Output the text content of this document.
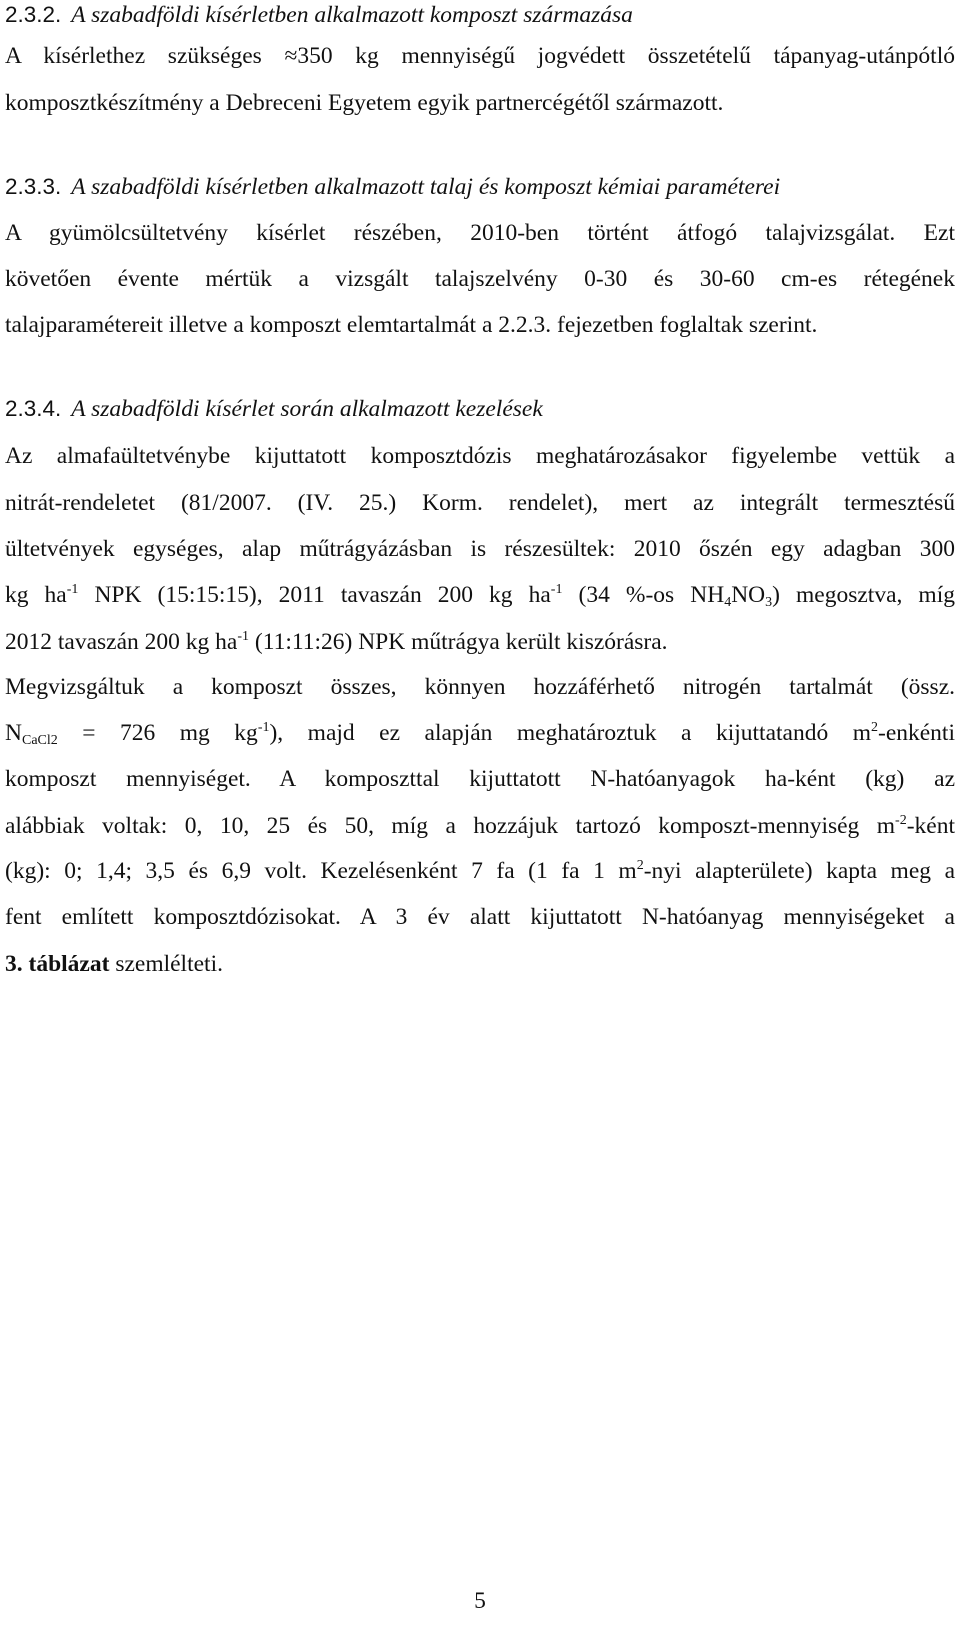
2.3.2. A szabadföldi kísérletben alkalmazott komposzt származása
A kísérlethez szükséges ≈350 kg mennyiségű jogvédett összetételű tápanyag-utánpótló
komposztkészítmény a Debreceni Egyetem egyik partnercégétől származott.
2.3.3. A szabadföldi kísérletben alkalmazott talaj és komposzt kémiai paraméterei
A gyümölcsültetvény kísérlet részében, 2010-ben történt átfogó talajvizsgálat. Ezt
követően évente mértük a vizsgált talajszelvény 0-30 és 30-60 cm-es rétegének
talajparamétereit illetve a komposzt elemtartalmát a 2.2.3. fejezetben foglaltak szerint.
2.3.4. A szabadföldi kísérlet során alkalmazott kezelések
Az almafaültetvénybe kijuttatott komposztdózis meghatározásakor figyelembe vettük a
nitrát-rendeletet (81/2007. (IV. 25.) Korm. rendelet), mert az integrált termesztésű
ültetvények egységes, alap műtrágyázásban is részesültek: 2010 őszén egy adagban 300
kg $ha^{-1}$ NPK (15:15:15), 2011 tavaszán 200 kg $ha^{-1}$ (34 %-os $NH_4NO_3$) megosztva, míg
2012 tavaszán 200 kg $ha^{-1}$ (11:11:26) NPK műtrágya került kiszórásra.
Megvizsgáltuk a komposzt összes, könnyen hozzáférhető nitrogén tartalmát (össz.
$N_{CaCl2} = 726$ mg $kg^{-1}$), majd ez alapján meghatároztuk a kijuttatandó $m^2$-enkénti
komposzt mennyiséget. A komposzttal kijuttatott N-hatóanyagok ha-ként (kg) az
alábbiak voltak: 0, 10, 25 és 50, míg a hozzájuk tartozó komposzt-mennyiség $m^{-2}$-ként
(kg): 0; 1,4; 3,5 és 6,9 volt. Kezelésenként 7 fa (1 fa 1 $m^2$-nyi alapterülete) kapta meg a
fent említett komposztdózisokat. A 3 év alatt kijuttatott N-hatóanyag mennyiségeket a
3. táblázat szemlélteti.
5
